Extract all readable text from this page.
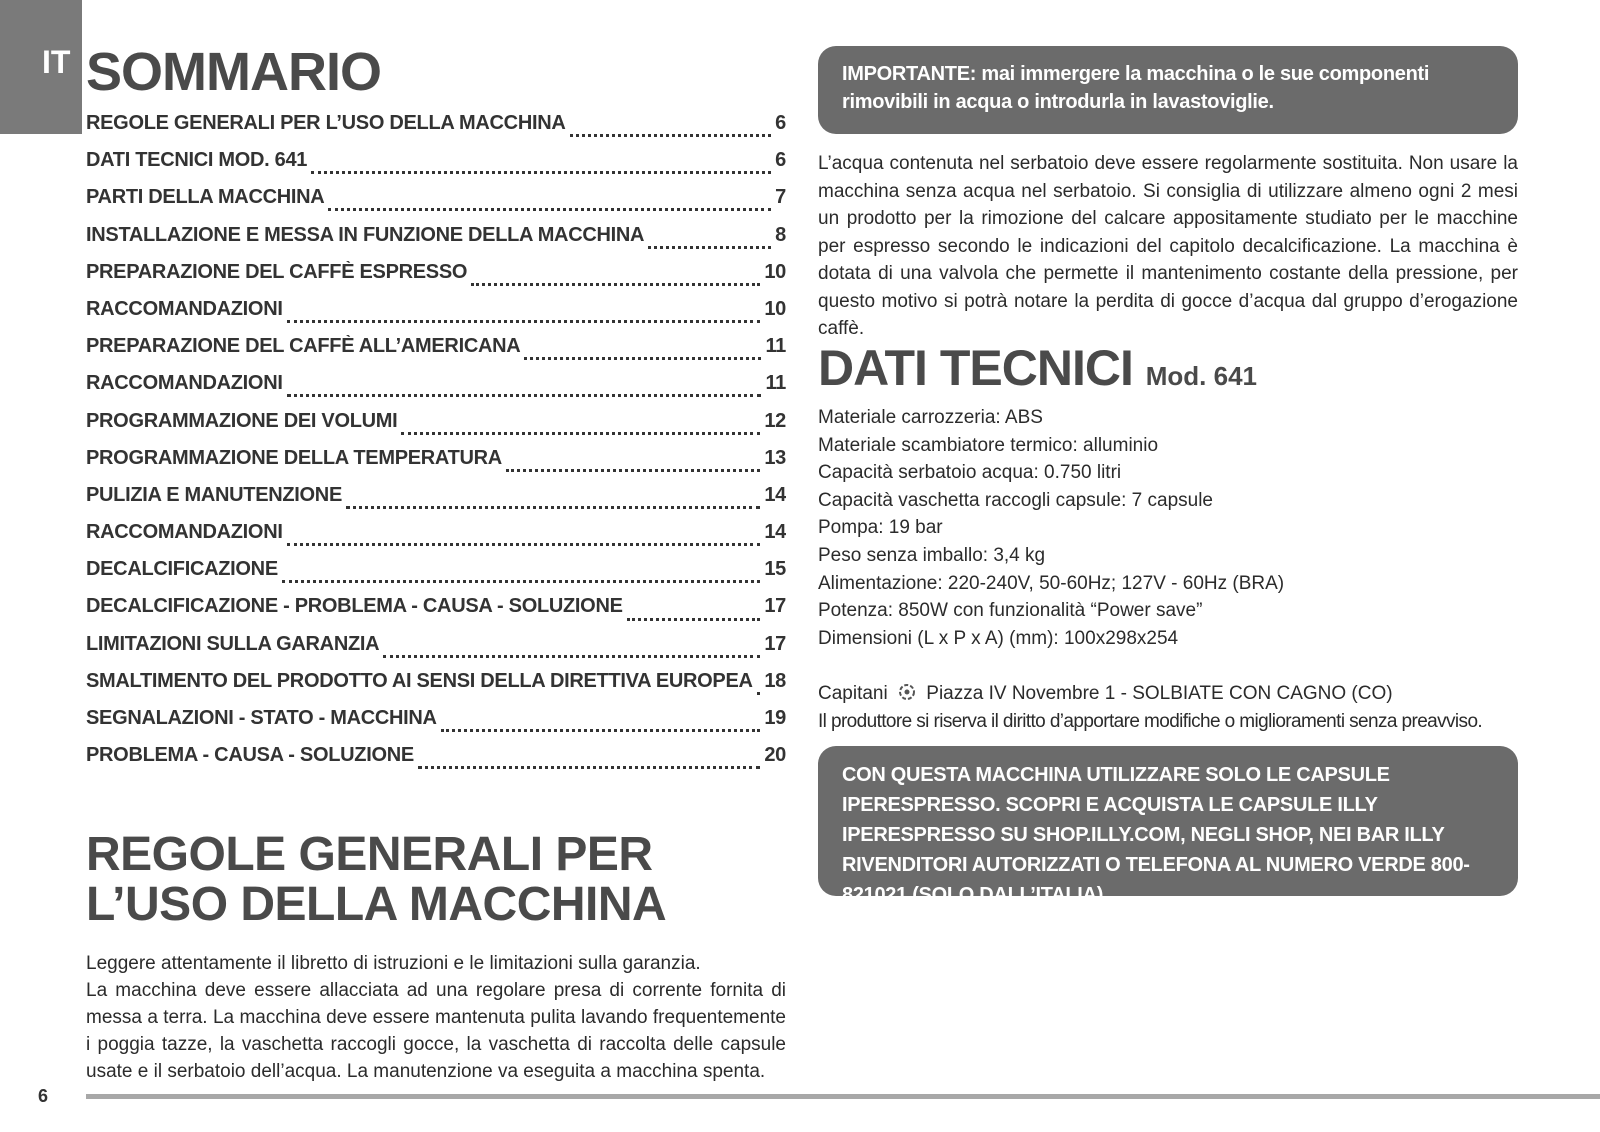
IT SOMMARIO
REGOLE GENERALI PER L’USO DELLA MACCHINA	6
DATI TECNICI MOD. 641	6
PARTI DELLA MACCHINA	7
INSTALLAZIONE E MESSA IN FUNZIONE DELLA MACCHINA	8
PREPARAZIONE DEL CAFFÈ ESPRESSO	10
RACCOMANDAZIONI	10
PREPARAZIONE DEL CAFFÈ ALL’AMERICANA	11
RACCOMANDAZIONI	11
PROGRAMMAZIONE DEI VOLUMI	12
PROGRAMMAZIONE DELLA TEMPERATURA	13
PULIZIA E MANUTENZIONE	14
RACCOMANDAZIONI	14
DECALCIFICAZIONE	15
DECALCIFICAZIONE - PROBLEMA - CAUSA - SOLUZIONE	17
LIMITAZIONI SULLA GARANZIA	17
SMALTIMENTO DEL PRODOTTO AI SENSI DELLA DIRETTIVA EUROPEA 18
SEGNALAZIONI - STATO - MACCHINA	19
PROBLEMA - CAUSA - SOLUZIONE	20
REGOLE GENERALI PER L’USO DELLA MACCHINA

Leggere attentamente il libretto di istruzioni e le limitazioni sulla garanzia.

La macchina deve essere allacciata ad una regolare presa di corrente fornita di messa a terra. La macchina deve essere mantenuta pulita lavando frequentemente i poggia tazze, la vaschetta raccogli gocce, la vaschetta di raccolta delle capsule usate e il serbatoio dell’acqua. La manutenzione va eseguita a macchina spenta.

6
IMPORTANTE: mai immergere la macchina o le sue componenti rimovibili in acqua o introdurla in lavastoviglie.

L’acqua contenuta nel serbatoio deve essere regolarmente sostituita. Non usare la macchina senza acqua nel serbatoio. Si consiglia di utilizzare almeno ogni 2 mesi un prodotto per la rimozione del calcare appositamente studiato per le macchine per espresso secondo le indicazioni del capitolo decalcificazione. La macchina è dotata di una valvola che permette il mantenimento costante della pressione, per questo motivo si potrà notare la perdita di gocce d’acqua dal gruppo d’erogazione caffè.

DATI TECNICI Mod. 641
Materiale carrozzeria: ABS
Materiale scambiatore termico: alluminio
Capacità serbatoio acqua: 0.750 litri
Capacità vaschetta raccogli capsule: 7 capsule
Pompa: 19 bar
Peso senza imballo: 3,4 kg
Alimentazione: 220-240V, 50-60Hz; 127V - 60Hz (BRA)
Potenza: 850W con funzionalità “Power save”
Dimensioni (L x P x A) (mm): 100x298x254
Capitani Piazza IV Novembre 1 - SOLBIATE CON CAGNO (CO)
Il produttore si riserva il diritto d’apportare modifiche o miglioramenti senza preavviso.
CON QUESTA MACCHINA UTILIZZARE SOLO LE CAPSULE IPERESPRESSO. SCOPRI E ACQUISTA LE CAPSULE ILLY IPERESPRESSO SU SHOP.ILLY.COM, NEGLI SHOP, NEI BAR ILLY RIVENDITORI AUTORIZZATI O TELEFONA AL NUMERO VERDE 800-821021 (SOLO DALL’ITALIA).
